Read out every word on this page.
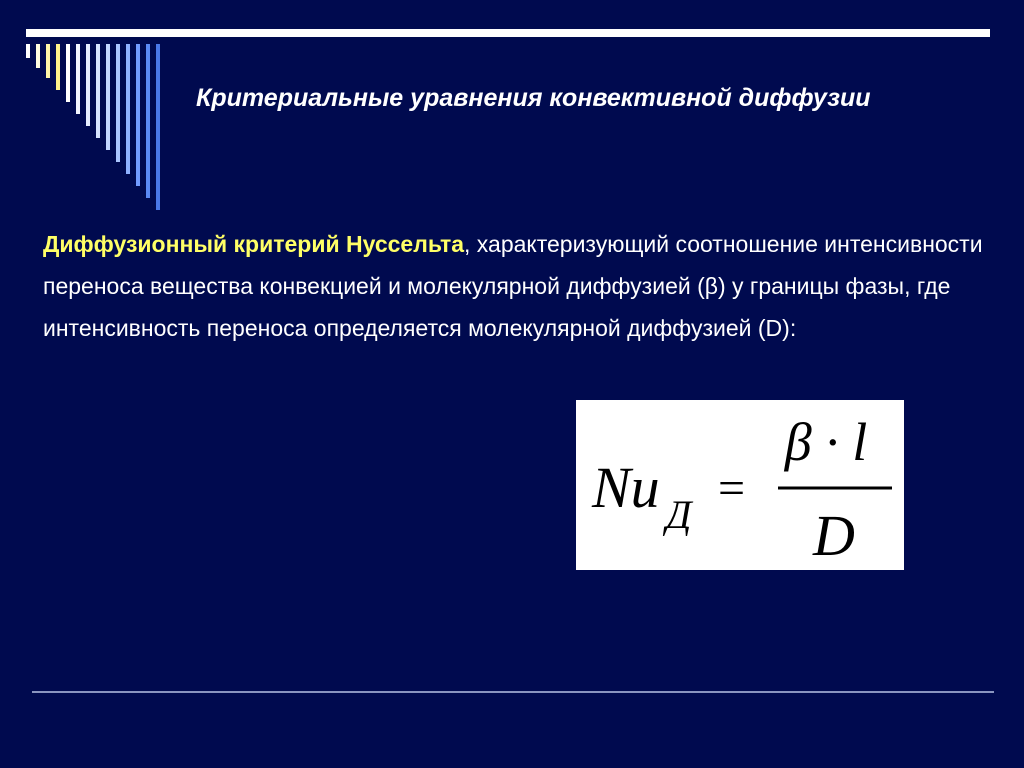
Критериальные уравнения конвективной диффузии

Диффузионный критерий Нуссельта, характеризующий соотношение интенсивности переноса вещества конвекцией и молекулярной диффузией (β) у границы фазы, где интенсивность переноса определяется молекулярной диффузией (D):

Nu Д =
β · l
D
